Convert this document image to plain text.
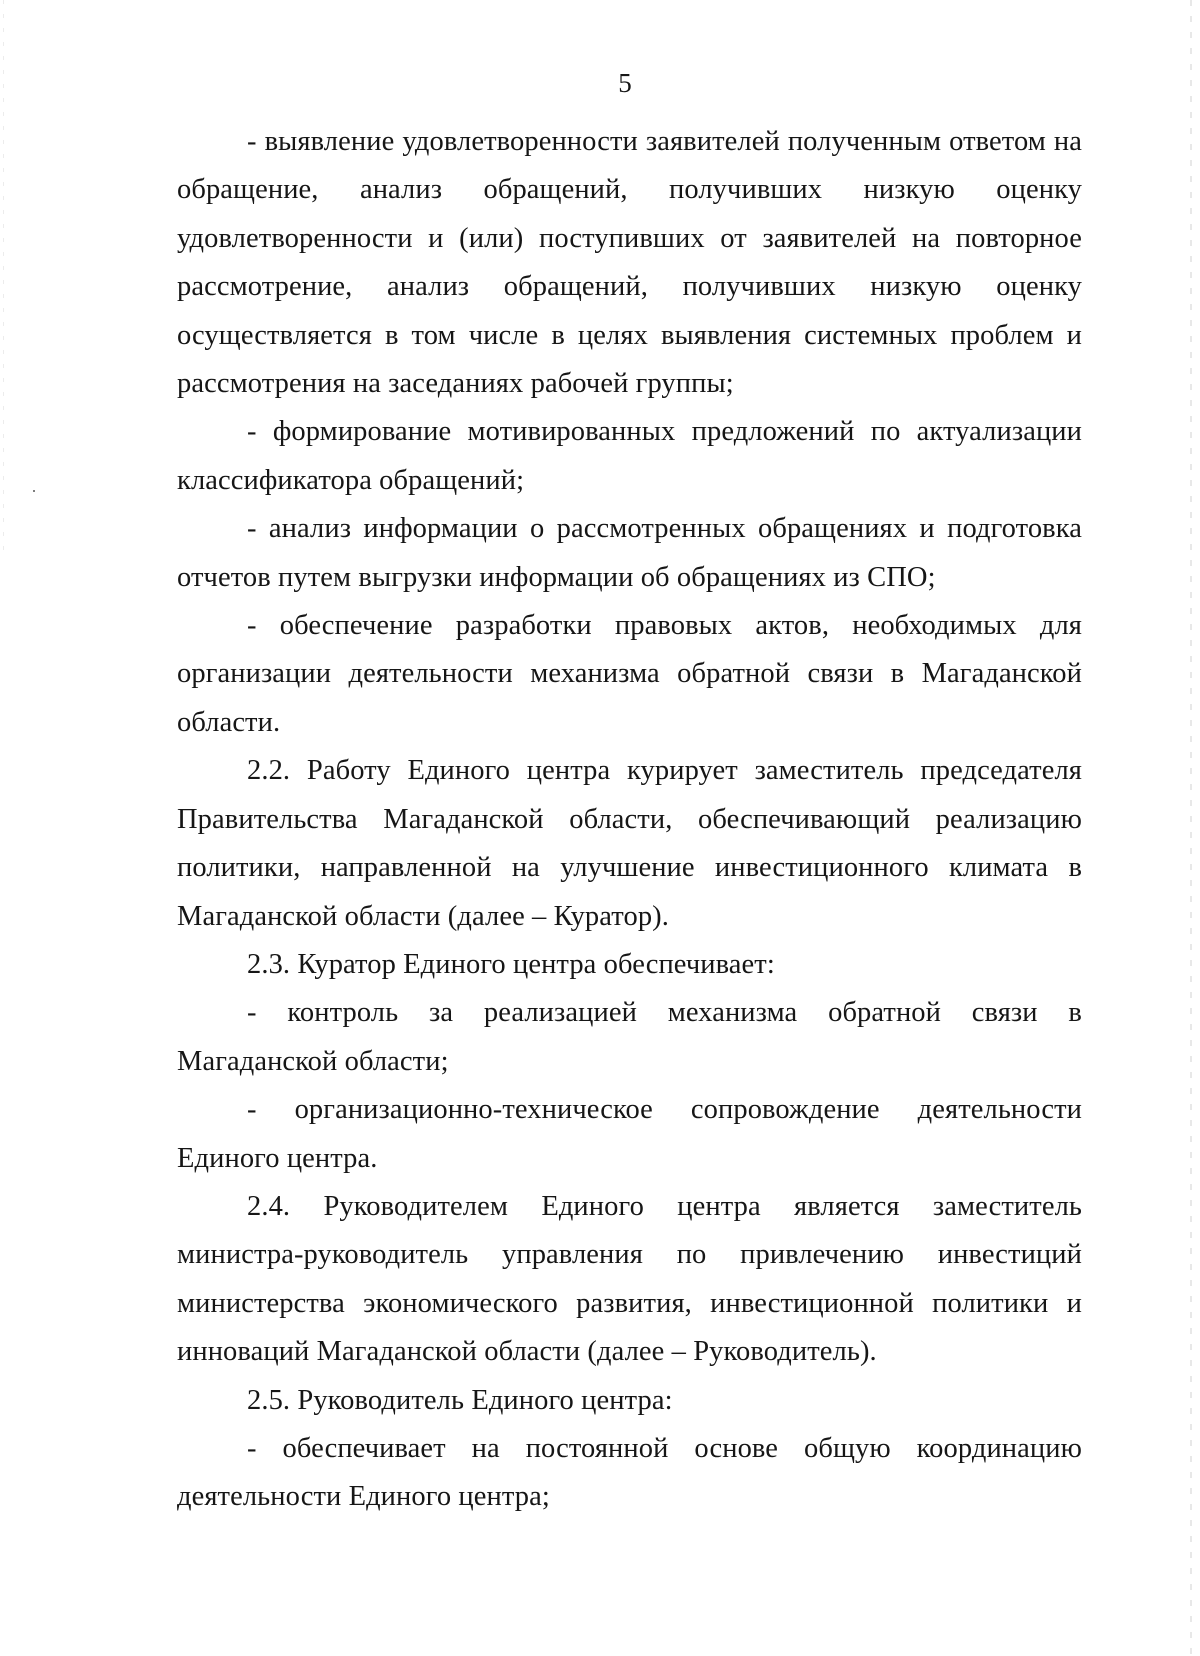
5

- выявление удовлетворенности заявителей полученным ответом на обращение, анализ обращений, получивших низкую оценку удовлетворенности и (или) поступивших от заявителей на повторное рассмотрение, анализ обращений, получивших низкую оценку осуществляется в том числе в целях выявления системных проблем и рассмотрения на заседаниях рабочей группы;

- формирование мотивированных предложений по актуализации классификатора обращений;

- анализ информации о рассмотренных обращениях и подготовка отчетов путем выгрузки информации об обращениях из СПО;

- обеспечение разработки правовых актов, необходимых для организации деятельности механизма обратной связи в Магаданской области.

2.2. Работу Единого центра курирует заместитель председателя Правительства Магаданской области, обеспечивающий реализацию политики, направленной на улучшение инвестиционного климата в Магаданской области (далее – Куратор).

2.3. Куратор Единого центра обеспечивает:

- контроль за реализацией механизма обратной связи в Магаданской области;

- организационно-техническое сопровождение деятельности Единого центра.

2.4. Руководителем Единого центра является заместитель министра-руководитель управления по привлечению инвестиций министерства экономического развития, инвестиционной политики и инноваций Магаданской области (далее – Руководитель).

2.5. Руководитель Единого центра:

- обеспечивает на постоянной основе общую координацию деятельности Единого центра;
